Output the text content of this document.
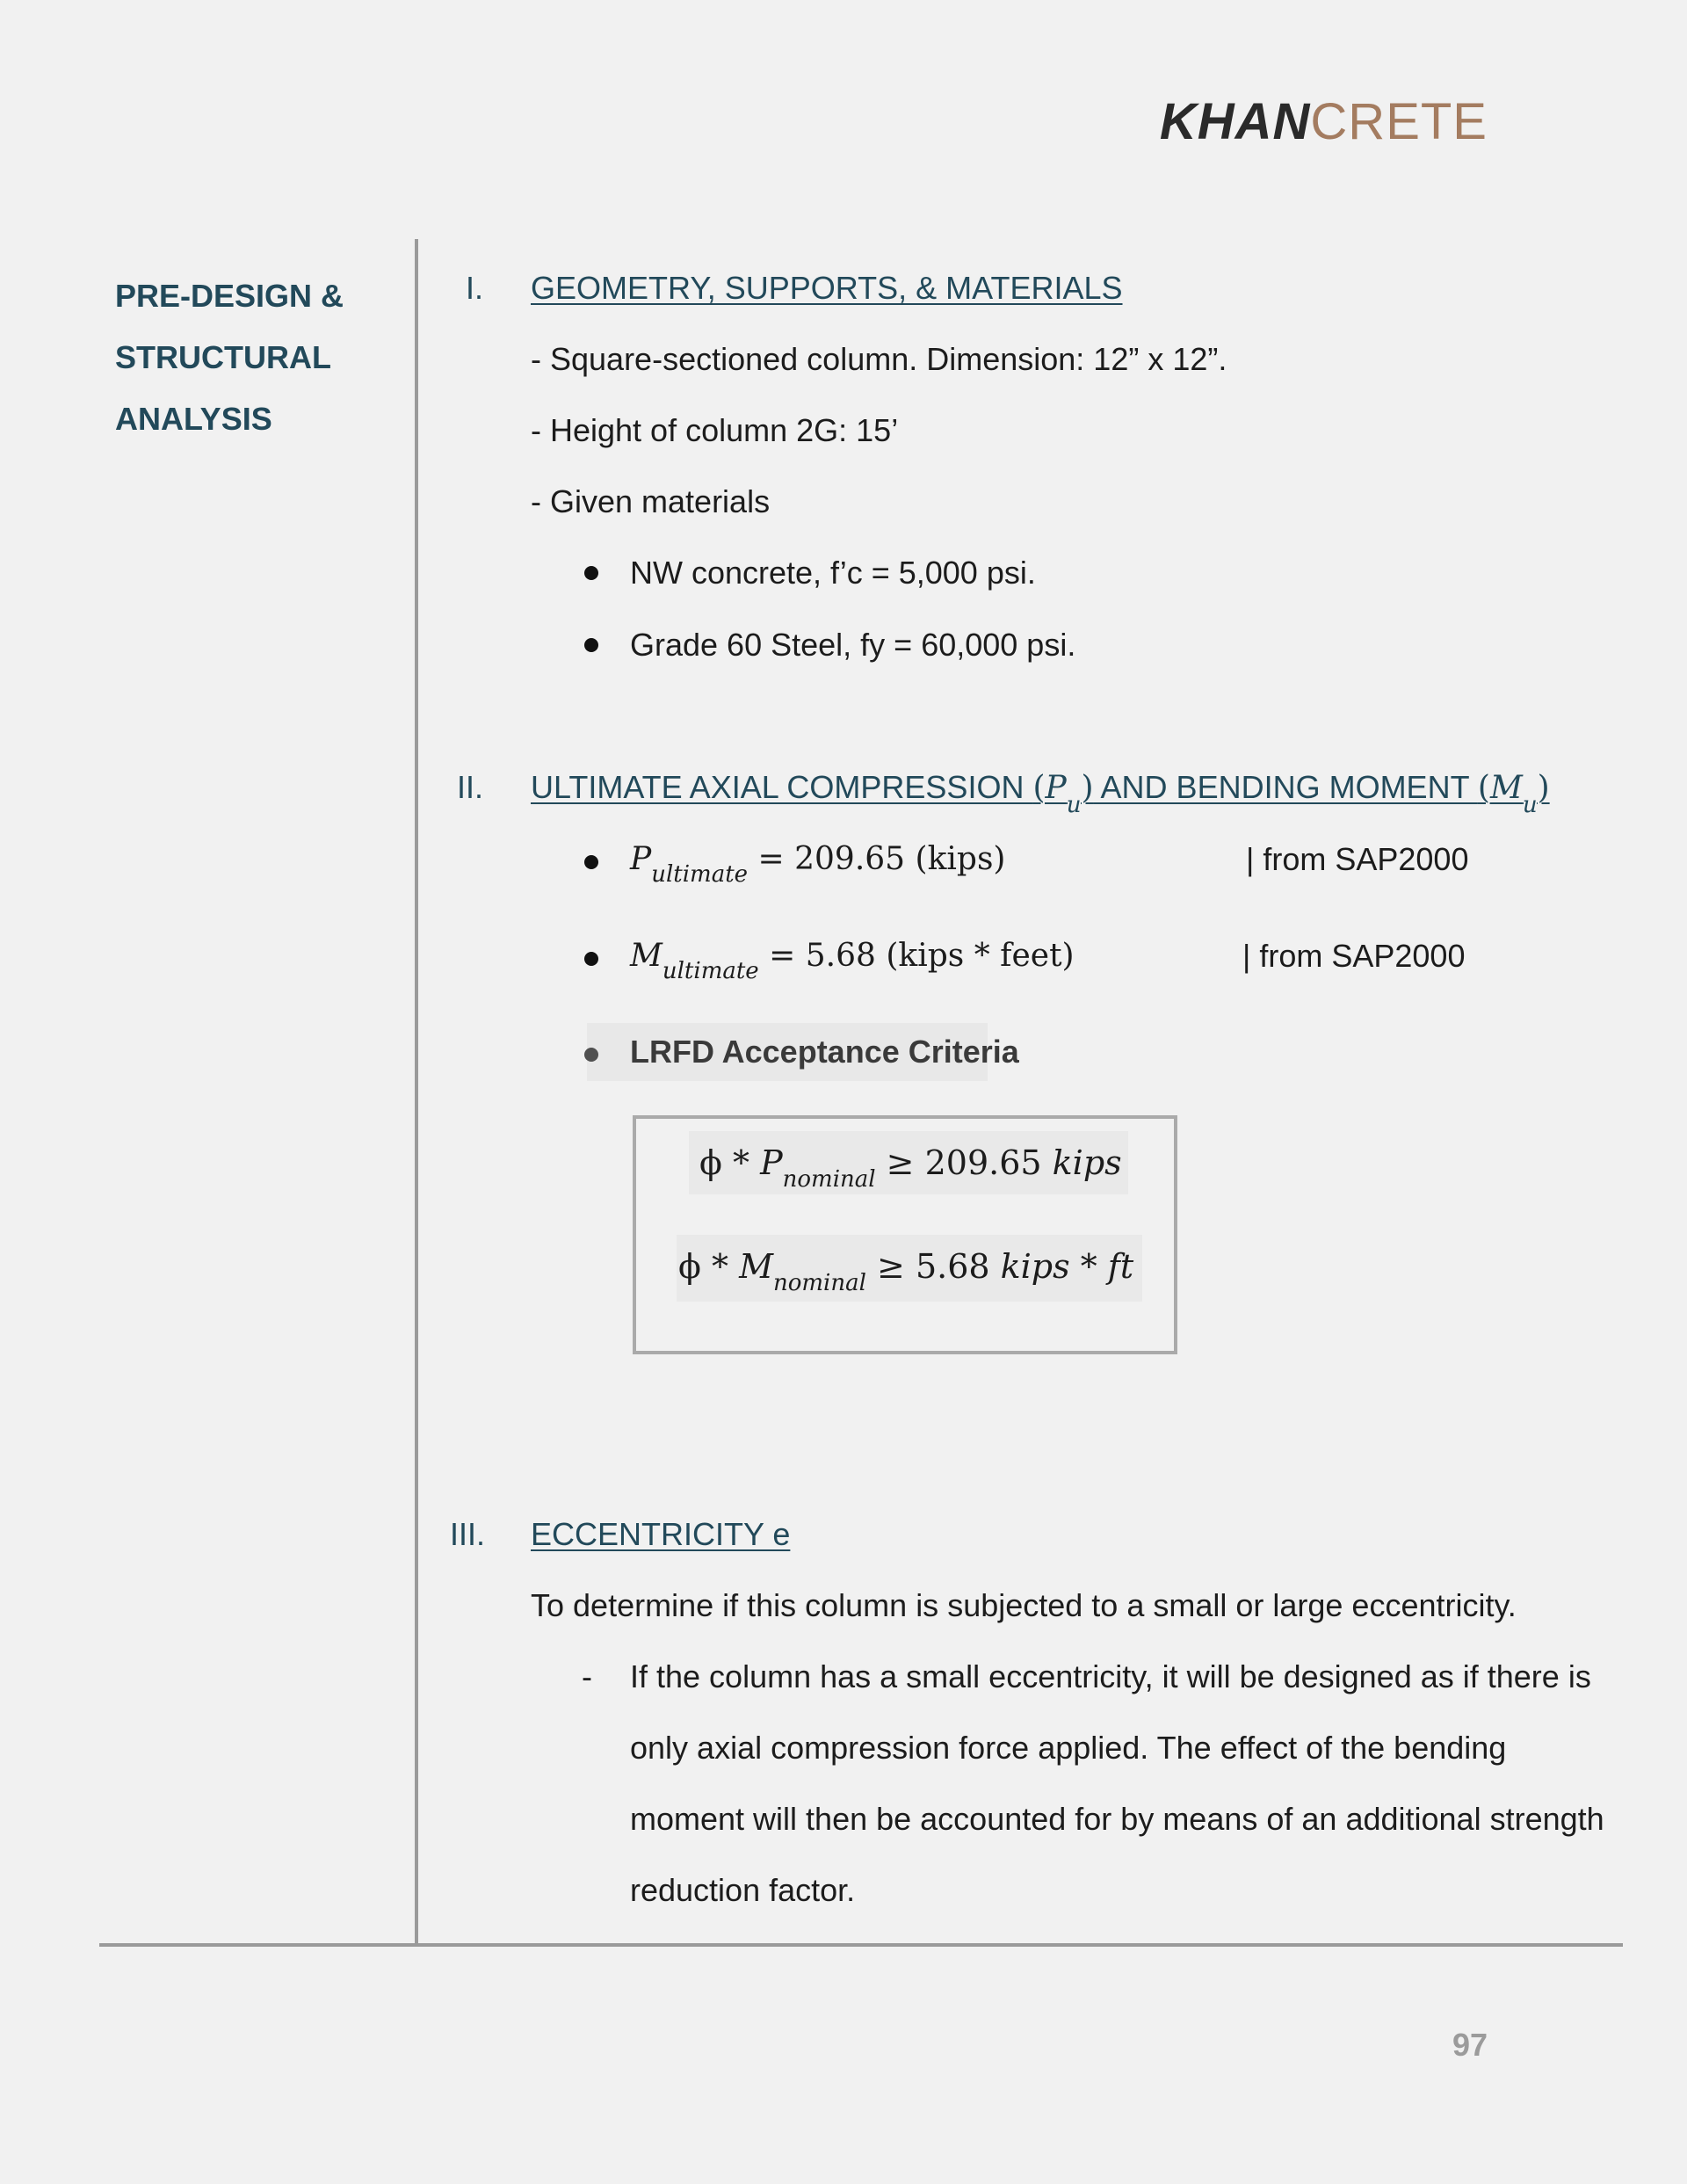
KHANCRETE
PRE-DESIGN &
STRUCTURAL
ANALYSIS
I. GEOMETRY, SUPPORTS, & MATERIALS
- Square-sectioned column. Dimension: 12” x 12”.
- Height of column 2G: 15’
- Given materials
NW concrete, f’c = 5,000 psi.
Grade 60 Steel, fy = 60,000 psi.
II. ULTIMATE AXIAL COMPRESSION $(P_u)$ AND BENDING MOMENT $(M_u)$
$P_{ultimate} = 209.65$ (kips)	| from SAP2000
$M_{ultimate} = 5.68$ (kips * feet)	| from SAP2000
LRFD Acceptance Criteria
$\phi * P_{nominal} \ge 209.65$ kips
$\phi * M_{nominal} \ge 5.68$ kips * ft
III. ECCENTRICITY e
To determine if this column is subjected to a small or large eccentricity.
- If the column has a small eccentricity, it will be designed as if there is
only axial compression force applied. The effect of the bending
moment will then be accounted for by means of an additional strength
reduction factor.
97
